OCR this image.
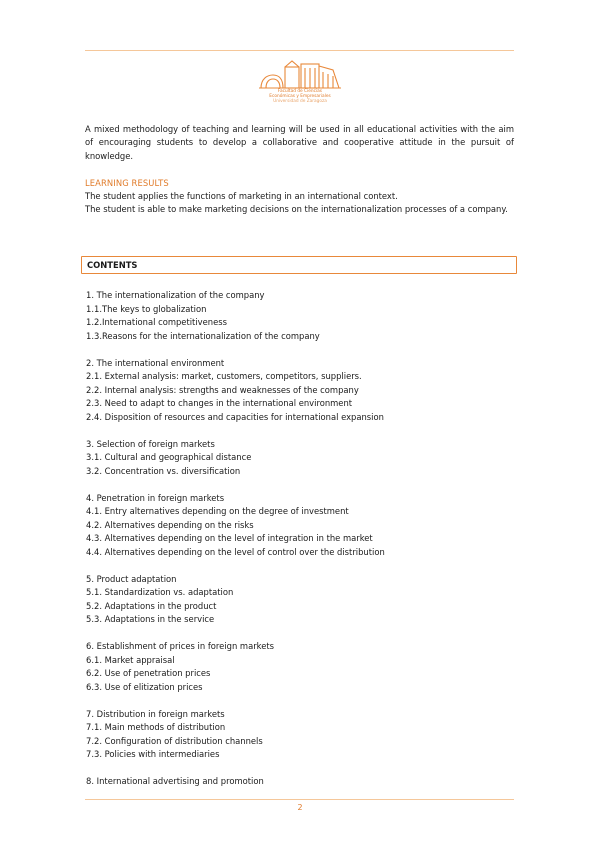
Facultad de Ciencias
Económicas y Empresariales
Universidad de Zaragoza

A mixed methodology of teaching and learning will be used in all educational activities with the aim of encouraging students to develop a collaborative and cooperative attitude in the pursuit of knowledge.

LEARNING RESULTS

The student applies the functions of marketing in an international context.

The student is able to make marketing decisions on the internationalization processes of a company.

CONTENTS
1. The internationalization of the company
1.1.The keys to globalization
1.2.International competitiveness
1.3.Reasons for the internationalization of the company
2. The international environment
2.1. External analysis: market, customers, competitors, suppliers.
2.2. Internal analysis: strengths and weaknesses of the company
2.3. Need to adapt to changes in the international environment
2.4. Disposition of resources and capacities for international expansion
3. Selection of foreign markets
3.1. Cultural and geographical distance
3.2. Concentration vs. diversification
4. Penetration in foreign markets
4.1. Entry alternatives depending on the degree of investment
4.2. Alternatives depending on the risks
4.3. Alternatives depending on the level of integration in the market
4.4. Alternatives depending on the level of control over the distribution
5. Product adaptation
5.1. Standardization vs. adaptation
5.2. Adaptations in the product
5.3. Adaptations in the service
6. Establishment of prices in foreign markets
6.1. Market appraisal
6.2. Use of penetration prices
6.3. Use of elitization prices
7. Distribution in foreign markets
7.1. Main methods of distribution
7.2. Configuration of distribution channels
7.3. Policies with intermediaries
8. International advertising and promotion
2
